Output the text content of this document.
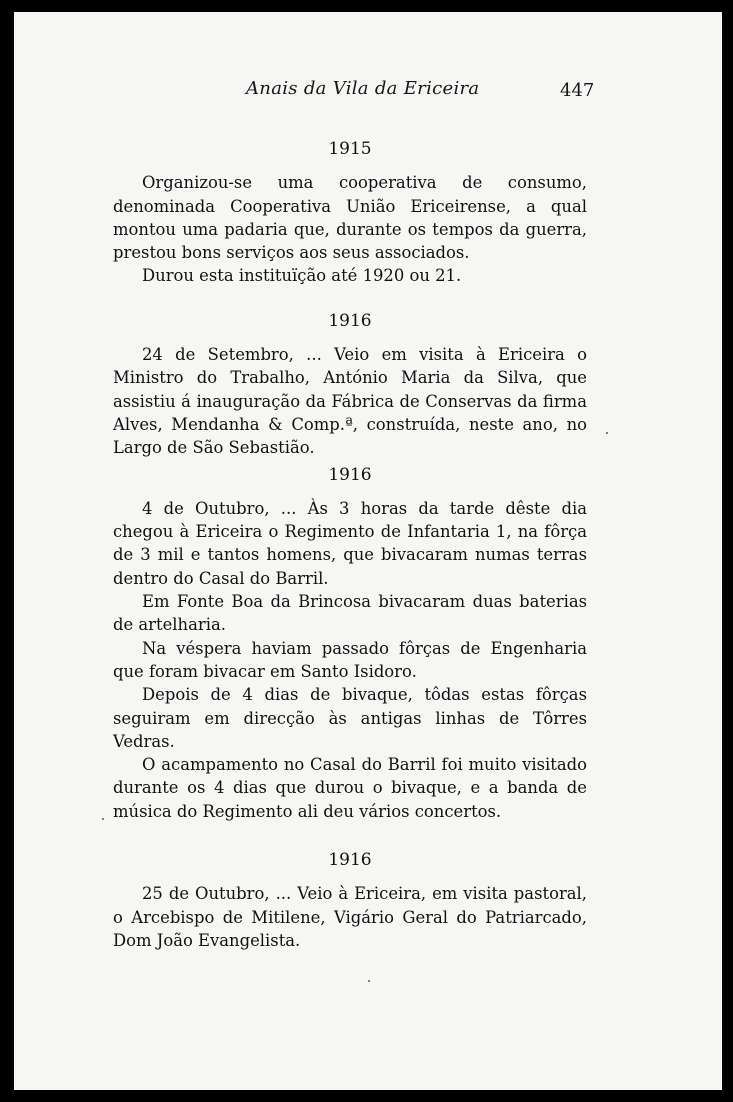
Anais da Vila da Ericeira	447

1915

Organizou-se uma cooperativa de consumo, denominada Cooperativa União Ericeirense, a qual montou uma padaria que, durante os tempos da guerra, prestou bons serviços aos seus associados.

Durou esta instituïção até 1920 ou 21.

1916

24 de Setembro, ... Veio em visita à Ericeira o Ministro do Trabalho, António Maria da Silva, que assistiu á inauguração da Fábrica de Conservas da firma Alves, Mendanha & Comp.ª, construída, neste ano, no Largo de São Sebastião.

1916

4 de Outubro, ... Às 3 horas da tarde dêste dia chegou à Ericeira o Regimento de Infantaria 1, na fôrça de 3 mil e tantos homens, que bivacaram numas terras dentro do Casal do Barril.

Em Fonte Boa da Brincosa bivacaram duas baterias de artelharia.

Na véspera haviam passado fôrças de Engenharia que foram bivacar em Santo Isidoro.

Depois de 4 dias de bivaque, tôdas estas fôrças seguiram em direcção às antigas linhas de Tôrres Vedras.

O acampamento no Casal do Barril foi muito visitado durante os 4 dias que durou o bivaque, e a banda de música do Regimento ali deu vários concertos.

1916

25 de Outubro, ... Veio à Ericeira, em visita pastoral, o Arcebispo de Mitilene, Vigário Geral do Patriarcado, Dom João Evangelista.
